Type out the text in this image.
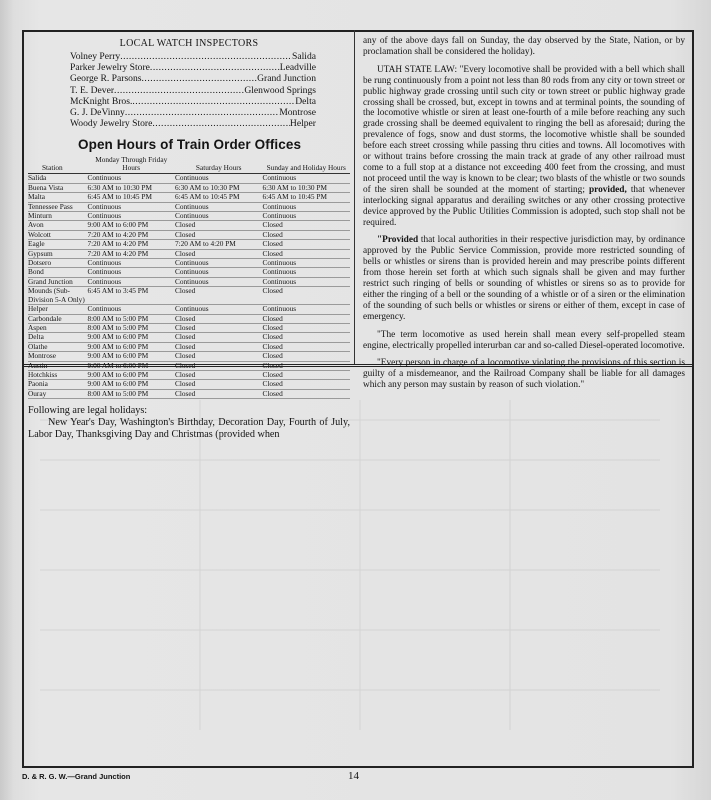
LOCAL WATCH INSPECTORS
Volney Perry .....	Salida
Parker Jewelry Store .....	Leadville
George R. Parsons .....	Grand Junction
T. E. Dever .....	Glenwood Springs
McKnight Bros. .....	Delta
G. J. DeVinny .....	Montrose
Woody Jewelry Store .....	Helper
Open Hours of Train Order Offices
Station	Monday Through Friday Hours	Saturday Hours	Sunday and Holiday Hours
Salida	Continuous	Continuous	Continuous
Buena Vista	6:30 AM to 10:30 PM	6:30 AM to 10:30 PM	6:30 AM to 10:30 PM
Malta	6:45 AM to 10:45 PM	6:45 AM to 10:45 PM	6:45 AM to 10:45 PM
Tennessee Pass	Continuous	Continuous	Continuous
Minturn	Continuous	Continuous	Continuous
Avon	9:00 AM to 6:00 PM	Closed	Closed
Wolcott	7:20 AM to 4:20 PM	Closed	Closed
Eagle	7:20 AM to 4:20 PM	7:20 AM to 4:20 PM	Closed
Gypsum	7:20 AM to 4:20 PM	Closed	Closed
Dotsero	Continuous	Continuous	Continuous
Bond	Continuous	Continuous	Continuous
Grand Junction	Continuous	Continuous	Continuous
Mounds (Sub-Division 5-A Only)	6:45 AM to 3:45 PM	Closed	Closed
Helper	Continuous	Continuous	Continuous
Carbondale	8:00 AM to 5:00 PM	Closed	Closed
Aspen	8:00 AM to 5:00 PM	Closed	Closed
Delta	9:00 AM to 6:00 PM	Closed	Closed
Olathe	9:00 AM to 6:00 PM	Closed	Closed
Montrose	9:00 AM to 6:00 PM	Closed	Closed
Austin	9:00 AM to 6:00 PM	Closed	Closed
Hotchkiss	9:00 AM to 6:00 PM	Closed	Closed
Paonia	9:00 AM to 6:00 PM	Closed	Closed
Ouray	8:00 AM to 5:00 PM	Closed	Closed
Following are legal holidays:
New Year's Day, Washington's Birthday, Decoration Day, Fourth of July, Labor Day, Thanksgiving Day and Christmas (provided when

any of the above days fall on Sunday, the day observed by the State, Nation, or by proclamation shall be considered the holiday).

UTAH STATE LAW: "Every locomotive shall be provided with a bell which shall be rung continuously from a point not less than 80 rods from any city or town street or public highway grade crossing until such city or town street or public highway grade crossing shall be crossed, but, except in towns and at terminal points, the sounding of the locomotive whistle or siren at least one-fourth of a mile before reaching any such grade crossing shall be deemed equivalent to ringing the bell as aforesaid; during the prevalence of fogs, snow and dust storms, the locomotive whistle shall be sounded before each street crossing while passing thru cities and towns. All locomotives with or without trains before crossing the main track at grade of any other railroad must come to a full stop at a distance not exceeding 400 feet from the crossing, and must not proceed until the way is known to be clear; two blasts of the whistle or two sounds of the siren shall be sounded at the moment of starting; provided, that whenever interlocking signal apparatus and derailing switches or any other crossing protective device approved by the Public Utilities Commission is adopted, such stop shall not be required.

"Provided that local authorities in their respective jurisdiction may, by ordinance approved by the Public Service Commission, provide more restricted sounding of bells or whistles or sirens than is provided herein and may prescribe points different from those herein set forth at which such signals shall be given and may further restrict such ringing of bells or sounding of whistles or sirens so as to provide for either the ringing of a bell or the sounding of a whistle or of a siren or the elimination of the sounding of such bells or whistles or sirens or either of them, except in case of emergency.

"The term locomotive as used herein shall mean every self-propelled steam engine, electrically propelled interurban car and so-called Diesel-operated locomotive.

"Every person in charge of a locomotive violating the provisions of this section is guilty of a misdemeanor, and the Railroad Company shall be liable for all damages which any person may sustain by reason of such violation."

D. & R. G. W.—Grand Junction	14
